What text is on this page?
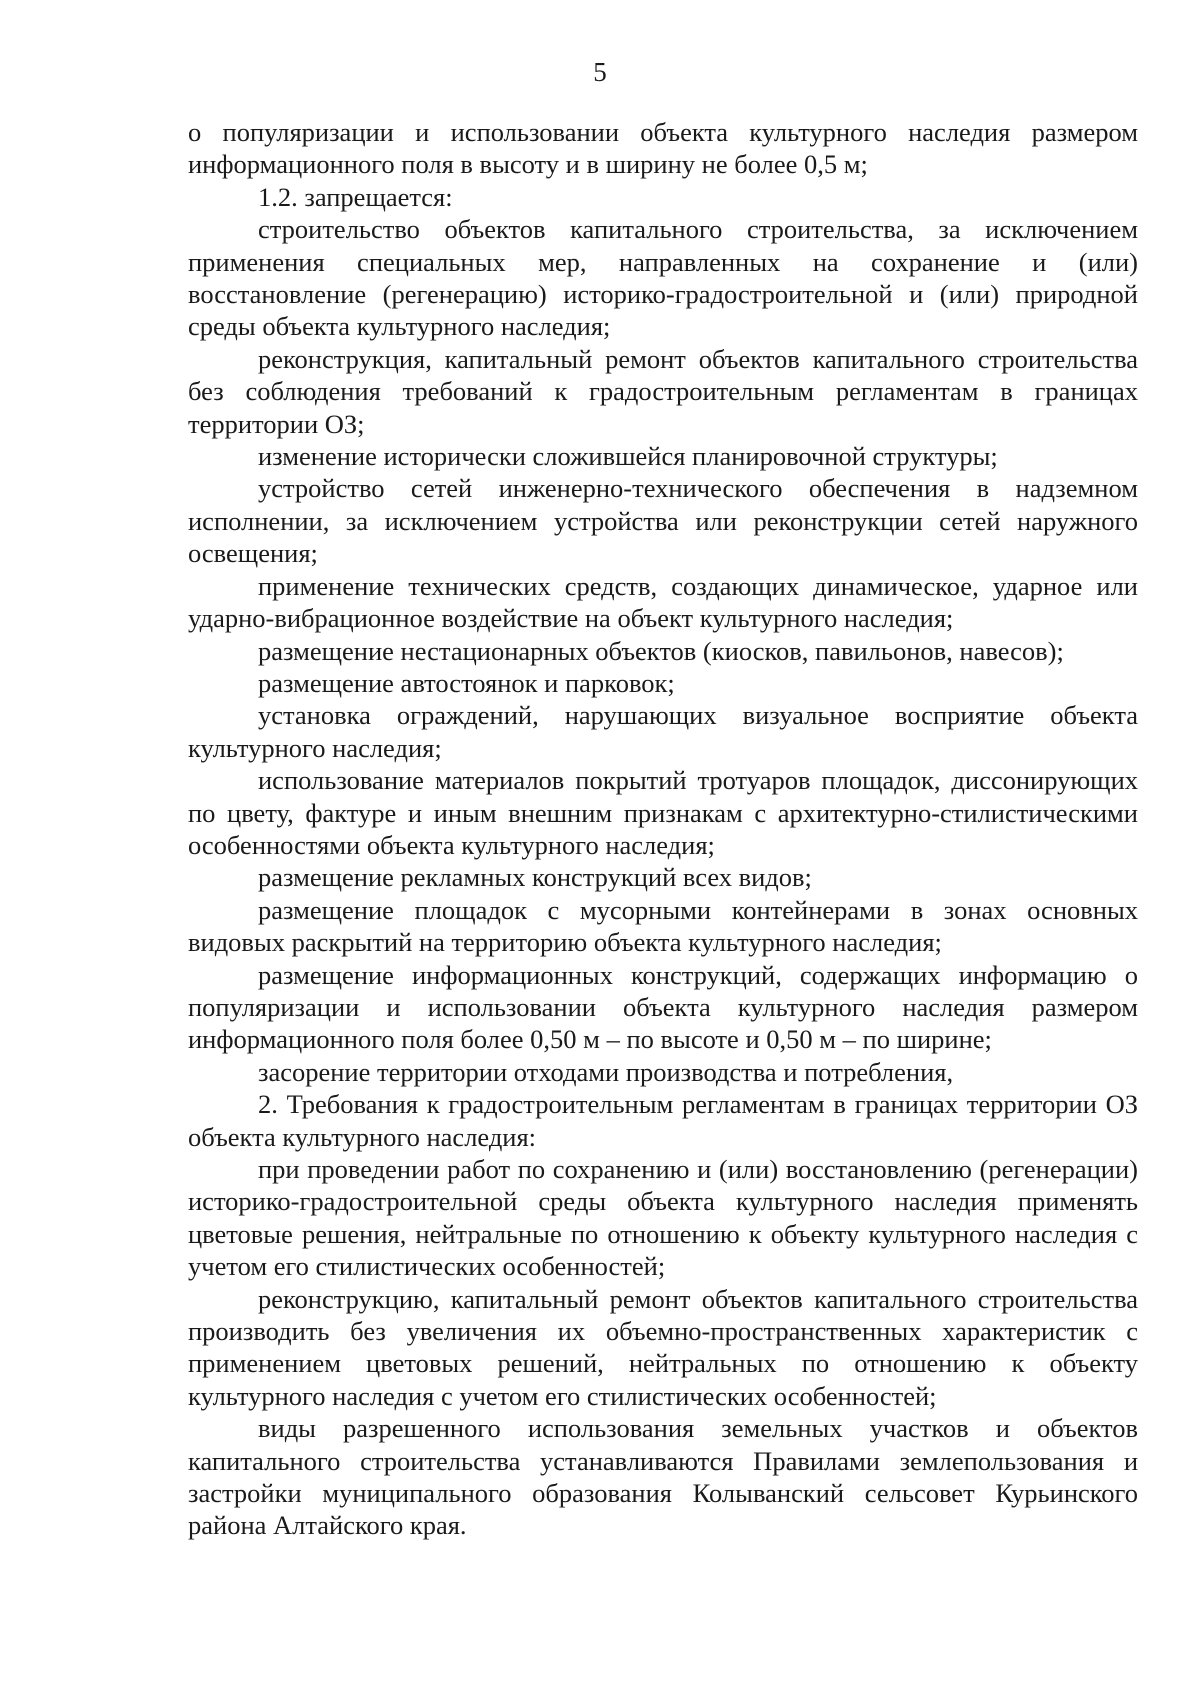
5

о популяризации и использовании объекта культурного наследия размером информационного поля в высоту и в ширину не более 0,5 м;

1.2. запрещается:

строительство объектов капитального строительства, за исключением применения специальных мер, направленных на сохранение и (или) восстановление (регенерацию) историко-градостроительной и (или) природной среды объекта культурного наследия;

реконструкция, капитальный ремонт объектов капитального строительства без соблюдения требований к градостроительным регламентам в границах территории ОЗ;

изменение исторически сложившейся планировочной структуры;

устройство сетей инженерно-технического обеспечения в надземном исполнении, за исключением устройства или реконструкции сетей наружного освещения;

применение технических средств, создающих динамическое, ударное или ударно-вибрационное воздействие на объект культурного наследия;

размещение нестационарных объектов (киосков, павильонов, навесов);

размещение автостоянок и парковок;

установка ограждений, нарушающих визуальное восприятие объекта культурного наследия;

использование материалов покрытий тротуаров площадок, диссонирующих по цвету, фактуре и иным внешним признакам с архитектурно-стилистическими особенностями объекта культурного наследия;

размещение рекламных конструкций всех видов;

размещение площадок с мусорными контейнерами в зонах основных видовых раскрытий на территорию объекта культурного наследия;

размещение информационных конструкций, содержащих информацию о популяризации и использовании объекта культурного наследия размером информационного поля более 0,50 м – по высоте и 0,50 м – по ширине;

засорение территории отходами производства и потребления,

2. Требования к градостроительным регламентам в границах территории ОЗ объекта культурного наследия:

при проведении работ по сохранению и (или) восстановлению (регенерации) историко-градостроительной среды объекта культурного наследия применять цветовые решения, нейтральные по отношению к объекту культурного наследия с учетом его стилистических особенностей;

реконструкцию, капитальный ремонт объектов капитального строительства производить без увеличения их объемно-пространственных характеристик с применением цветовых решений, нейтральных по отношению к объекту культурного наследия с учетом его стилистических особенностей;

виды разрешенного использования земельных участков и объектов капитального строительства устанавливаются Правилами землепользования и застройки муниципального образования Колыванский сельсовет Курьинского района Алтайского края.
